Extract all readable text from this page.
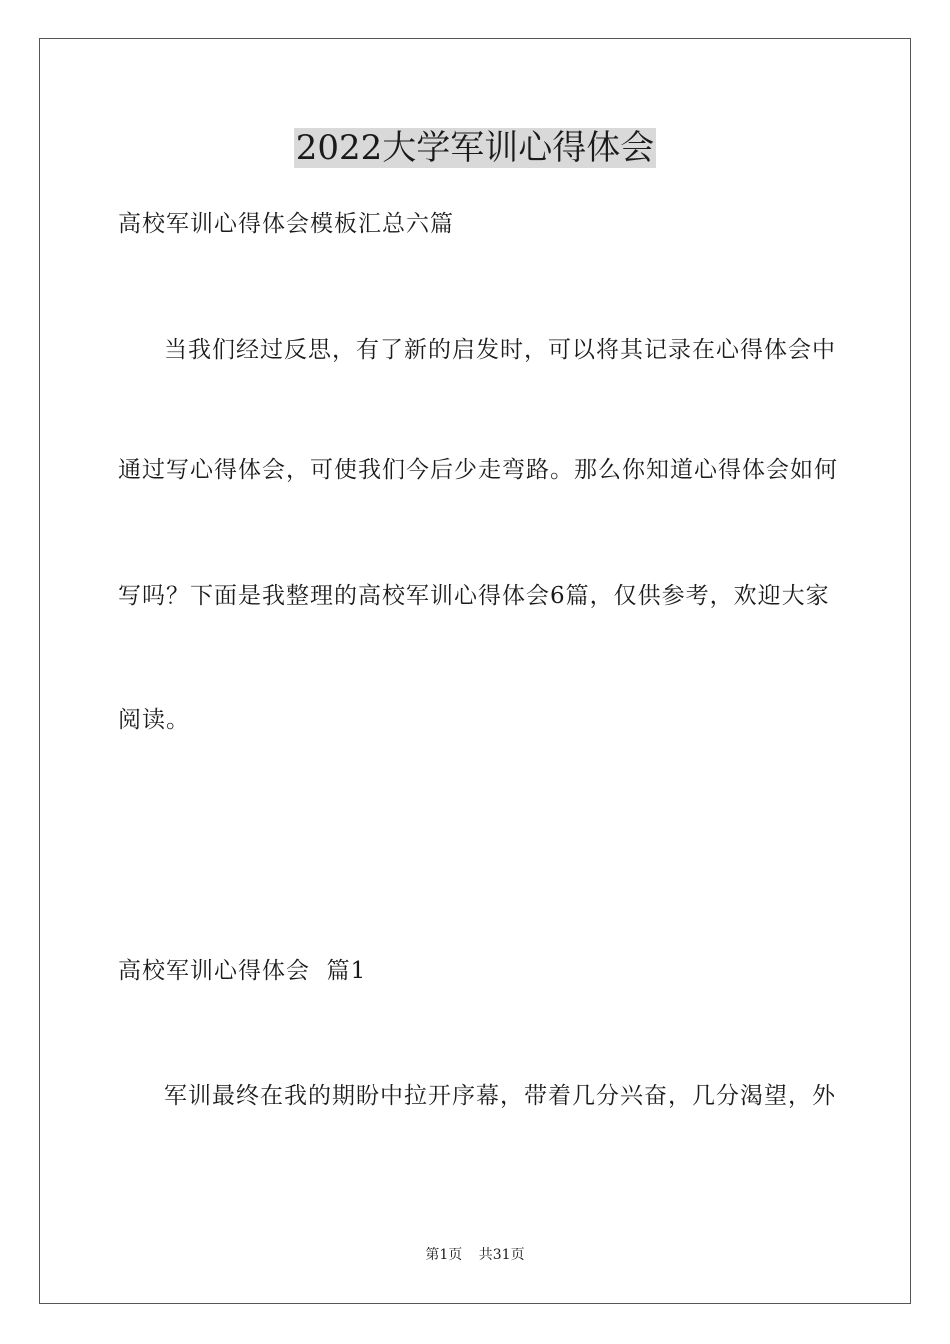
2022大学军训心得体会

高校军训心得体会模板汇总六篇

当我们经过反思，有了新的启发时，可以将其记录在心得体会中

通过写心得体会，可使我们今后少走弯路。那么你知道心得体会如何

写吗？下面是我整理的高校军训心得体会6篇，仅供参考，欢迎大家

阅读。

高校军训心得体会  篇1

军训最终在我的期盼中拉开序幕，带着几分兴奋，几分渴望，外

第1页 共31页
